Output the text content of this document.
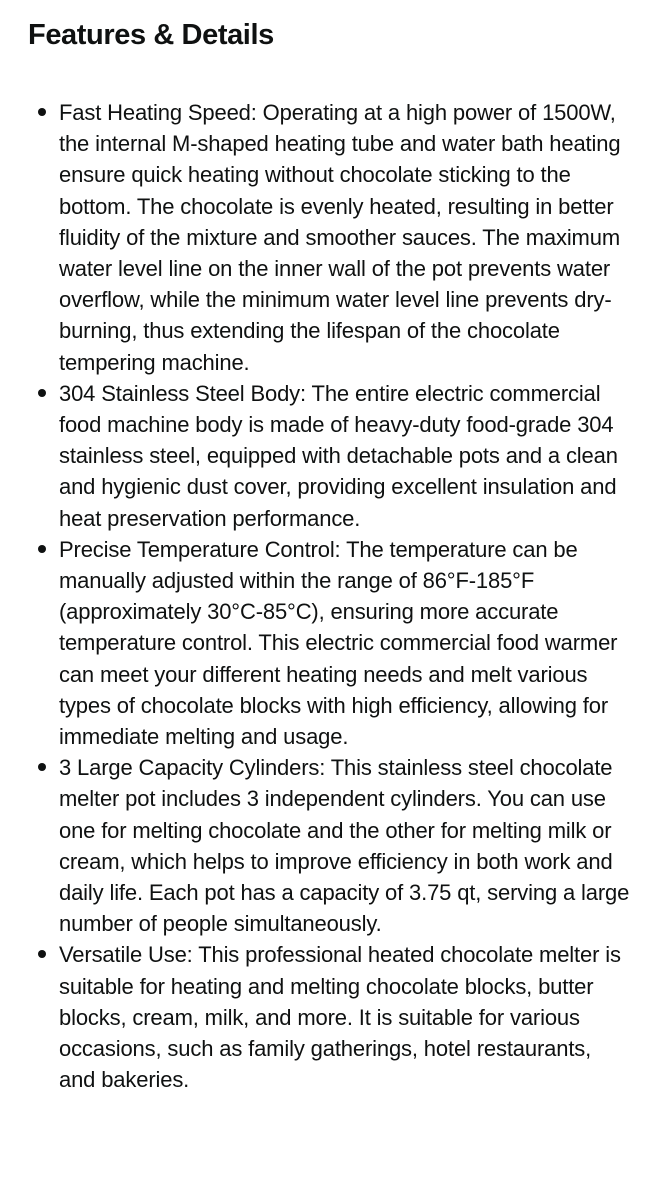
Features & Details
Fast Heating Speed: Operating at a high power of 1500W, the internal M-shaped heating tube and water bath heating ensure quick heating without chocolate sticking to the bottom. The chocolate is evenly heated, resulting in better fluidity of the mixture and smoother sauces. The maximum water level line on the inner wall of the pot prevents water overflow, while the minimum water level line prevents dry-burning, thus extending the lifespan of the chocolate tempering machine.
304 Stainless Steel Body: The entire electric commercial food machine body is made of heavy-duty food-grade 304 stainless steel, equipped with detachable pots and a clean and hygienic dust cover, providing excellent insulation and heat preservation performance.
Precise Temperature Control: The temperature can be manually adjusted within the range of 86°F-185°F (approximately 30°C-85°C), ensuring more accurate temperature control. This electric commercial food warmer can meet your different heating needs and melt various types of chocolate blocks with high efficiency, allowing for immediate melting and usage.
3 Large Capacity Cylinders: This stainless steel chocolate melter pot includes 3 independent cylinders. You can use one for melting chocolate and the other for melting milk or cream, which helps to improve efficiency in both work and daily life. Each pot has a capacity of 3.75 qt, serving a large number of people simultaneously.
Versatile Use: This professional heated chocolate melter is suitable for heating and melting chocolate blocks, butter blocks, cream, milk, and more. It is suitable for various occasions, such as family gatherings, hotel restaurants, and bakeries.
